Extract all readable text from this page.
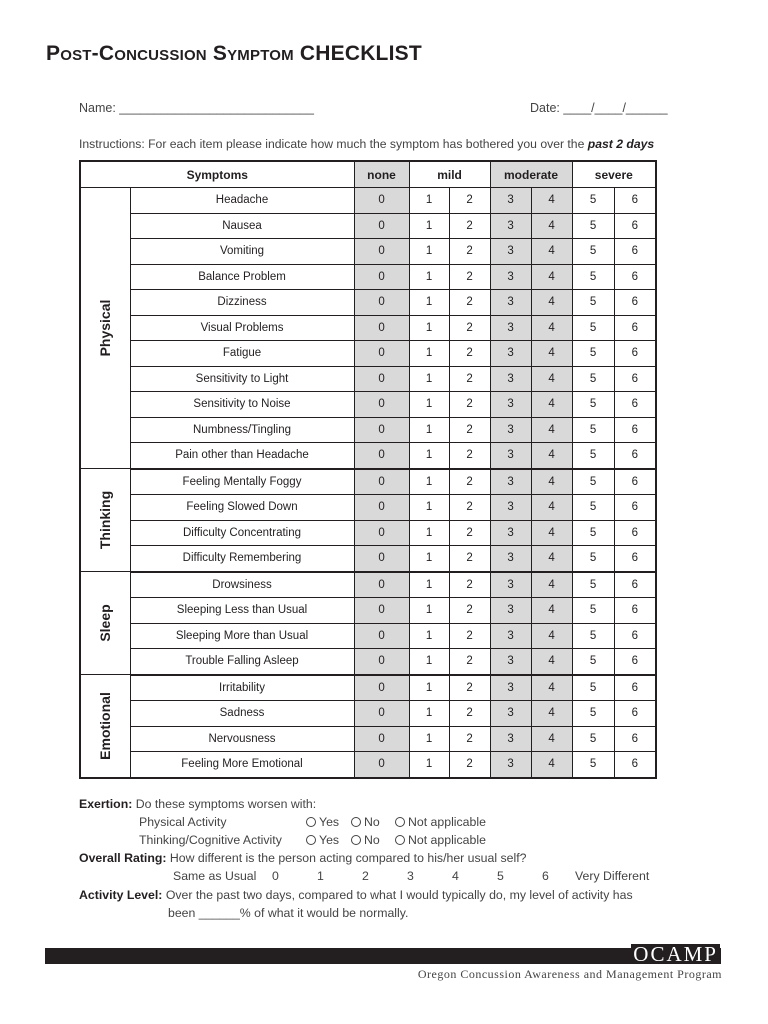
Post-Concussion Symptom CHECKLIST
Name: ____________________________	Date: ____/____/______
Instructions: For each item please indicate how much the symptom has bothered you over the past 2 days
Symptoms		none	mild		moderate		severe	

Physical	Headache	0	1	2	3	4	5	6
	Nausea	0	1	2	3	4	5	6
	Vomiting	0	1	2	3	4	5	6
	Balance Problem	0	1	2	3	4	5	6
	Dizziness	0	1	2	3	4	5	6
	Visual Problems	0	1	2	3	4	5	6
	Fatigue	0	1	2	3	4	5	6
	Sensitivity to Light	0	1	2	3	4	5	6
	Sensitivity to Noise	0	1	2	3	4	5	6
	Numbness/Tingling	0	1	2	3	4	5	6
	Pain other than Headache	0	1	2	3	4	5	6

Thinking	Feeling Mentally Foggy	0	1	2	3	4	5	6
	Feeling Slowed Down	0	1	2	3	4	5	6
	Difficulty Concentrating	0	1	2	3	4	5	6
	Difficulty Remembering	0	1	2	3	4	5	6

Sleep	Drowsiness	0	1	2	3	4	5	6
	Sleeping Less than Usual	0	1	2	3	4	5	6
	Sleeping More than Usual	0	1	2	3	4	5	6
	Trouble Falling Asleep	0	1	2	3	4	5	6

Emotional	Irritability	0	1	2	3	4	5	6
	Sadness	0	1	2	3	4	5	6
	Nervousness	0	1	2	3	4	5	6
	Feeling More Emotional	0	1	2	3	4	5	6
Exertion: Do these symptoms worsen with:
Physical Activity	Yes	No	Not applicable
Thinking/Cognitive Activity	Yes	No	Not applicable
Overall Rating: How different is the person acting compared to his/her usual self?
Same as Usual 0	1	2	3	4	5	6 Very Different
Activity Level: Over the past two days, compared to what I would typically do, my level of activity has
been ______% of what it would be normally.
OCAMP
Oregon Concussion Awareness and Management Program
